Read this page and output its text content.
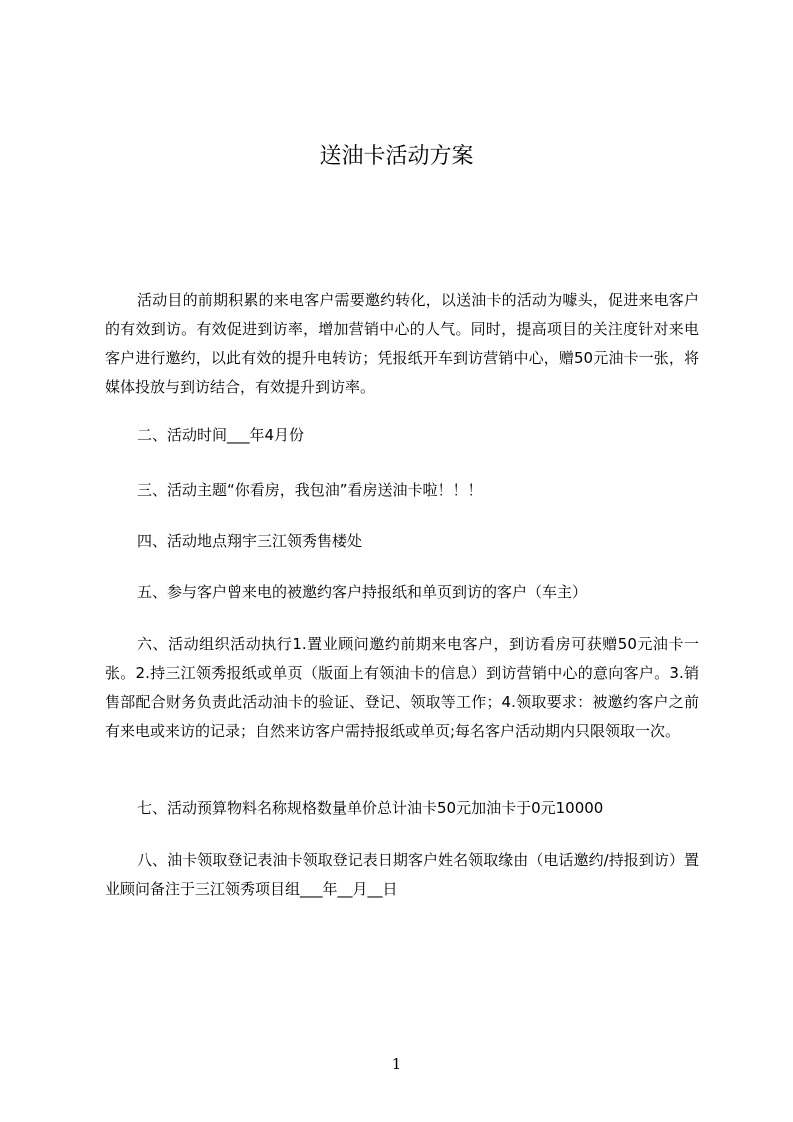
送油卡活动方案

活动目的前期积累的来电客户需要邀约转化，以送油卡的活动为噱头，促进来电客户的有效到访。有效促进到访率，增加营销中心的人气。同时，提高项目的关注度针对来电客户进行邀约，以此有效的提升电转访；凭报纸开车到访营销中心，赠50元油卡一张，将媒体投放与到访结合，有效提升到访率。

二、活动时间___年4月份

三、活动主题“你看房，我包油”看房送油卡啦！！！

四、活动地点翔宇三江领秀售楼处

五、参与客户曾来电的被邀约客户持报纸和单页到访的客户（车主）

六、活动组织活动执行1.置业顾问邀约前期来电客户，到访看房可获赠50元油卡一张。2.持三江领秀报纸或单页（版面上有领油卡的信息）到访营销中心的意向客户。3.销售部配合财务负责此活动油卡的验证、登记、领取等工作；4.领取要求：被邀约客户之前有来电或来访的记录；自然来访客户需持报纸或单页;每名客户活动期内只限领取一次。

七、活动预算物料名称规格数量单价总计油卡50元加油卡于0元10000

八、油卡领取登记表油卡领取登记表日期客户姓名领取缘由（电话邀约/持报到访）置业顾问备注于三江领秀项目组___年__月__日

1
